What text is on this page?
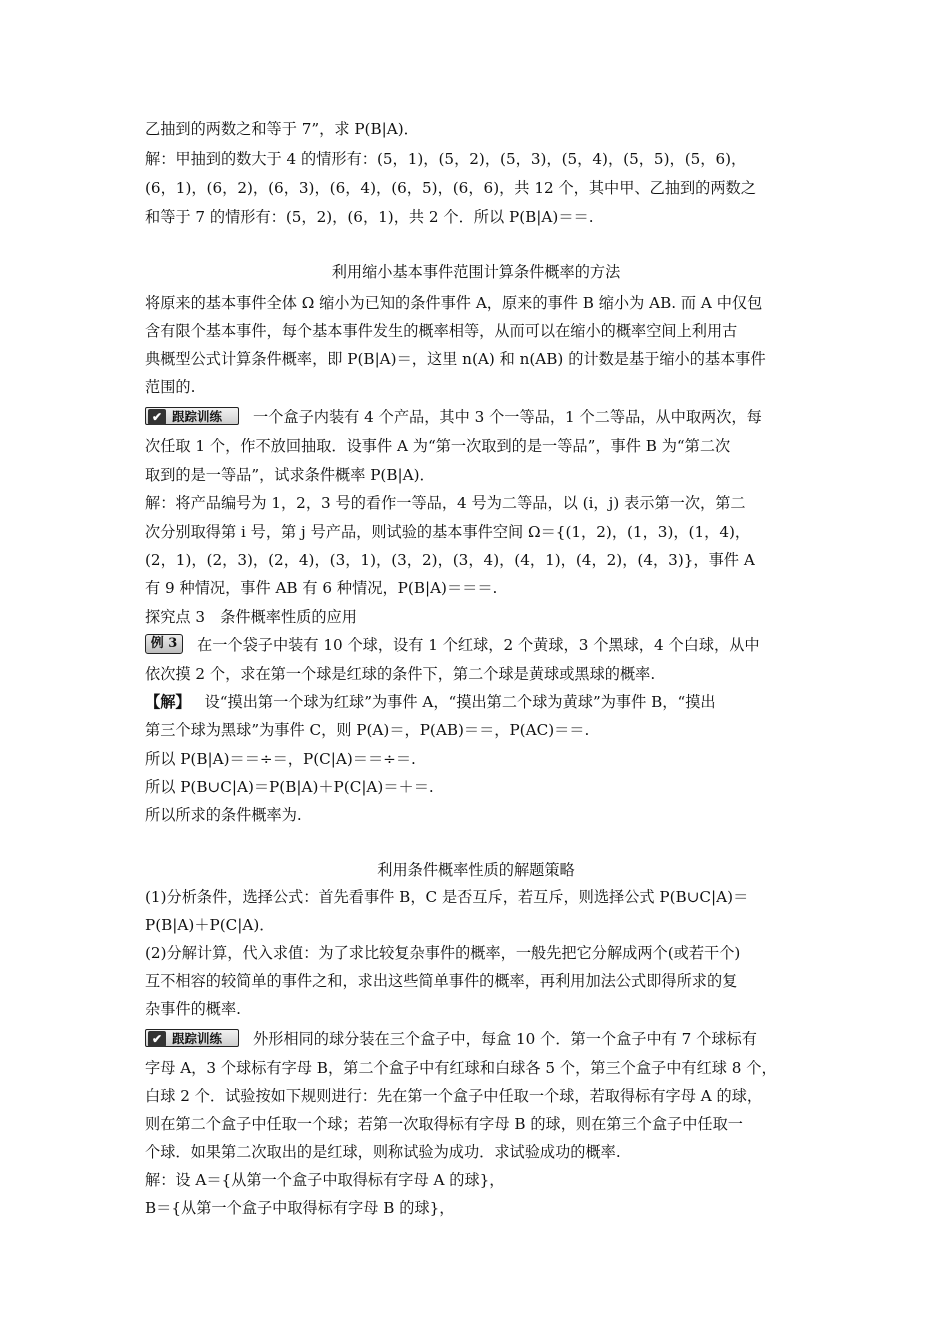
乙抽到的两数之和等于 7”，求 P(B|A)．
解：甲抽到的数大于 4 的情形有：(5，1)，(5，2)，(5，3)，(5，4)，(5，5)，(5，6)，
(6，1)，(6，2)，(6，3)，(6，4)，(6，5)，(6，6)，共 12 个，其中甲、乙抽到的两数之
和等于 7 的情形有：(5，2)，(6，1)，共 2 个．所以 P(B|A)＝＝.
利用缩小基本事件范围计算条件概率的方法
将原来的基本事件全体 Ω 缩小为已知的条件事件 A，原来的事件 B 缩小为 AB. 而 A 中仅包
含有限个基本事件，每个基本事件发生的概率相等，从而可以在缩小的概率空间上利用古
典概型公式计算条件概率，即 P(B|A)＝，这里 n(A) 和 n(AB) 的计数是基于缩小的基本事件
范围的.
✔ 跟踪训练 一个盒子内装有 4 个产品，其中 3 个一等品，1 个二等品，从中取两次，每
次任取 1 个，作不放回抽取．设事件 A 为“第一次取到的是一等品”，事件 B 为“第二次
取到的是一等品”，试求条件概率 P(B|A)．
解：将产品编号为 1，2，3 号的看作一等品，4 号为二等品，以 (i，j) 表示第一次，第二
次分别取得第 i 号，第 j 号产品，则试验的基本事件空间 Ω＝{(1，2)，(1，3)，(1，4)，
(2，1)，(2，3)，(2，4)，(3，1)，(3，2)，(3，4)，(4，1)，(4，2)，(4，3)}，事件 A
有 9 种情况，事件 AB 有 6 种情况，P(B|A)＝＝＝.
探究点 3　条件概率性质的应用
例 3 在一个袋子中装有 10 个球，设有 1 个红球，2 个黄球，3 个黑球，4 个白球，从中
依次摸 2 个，求在第一个球是红球的条件下，第二个球是黄球或黑球的概率.
【解】 设“摸出第一个球为红球”为事件 A，“摸出第二个球为黄球”为事件 B，“摸出
第三个球为黑球”为事件 C，则 P(A)＝，P(AB)＝＝，P(AC)＝＝.
所以 P(B|A)＝＝÷＝，P(C|A)＝＝÷＝.
所以 P(B∪C|A)＝P(B|A)＋P(C|A)＝＋＝.
所以所求的条件概率为.
利用条件概率性质的解题策略
(1)分析条件，选择公式：首先看事件 B，C 是否互斥，若互斥，则选择公式 P(B∪C|A)＝
P(B|A)＋P(C|A)．
(2)分解计算，代入求值：为了求比较复杂事件的概率，一般先把它分解成两个(或若干个)
互不相容的较简单的事件之和，求出这些简单事件的概率，再利用加法公式即得所求的复
杂事件的概率.
✔ 跟踪训练 外形相同的球分装在三个盒子中，每盒 10 个．第一个盒子中有 7 个球标有
字母 A，3 个球标有字母 B，第二个盒子中有红球和白球各 5 个，第三个盒子中有红球 8 个，
白球 2 个．试验按如下规则进行：先在第一个盒子中任取一个球，若取得标有字母 A 的球，
则在第二个盒子中任取一个球；若第一次取得标有字母 B 的球，则在第三个盒子中任取一
个球．如果第二次取出的是红球，则称试验为成功．求试验成功的概率.
解：设 A＝{从第一个盒子中取得标有字母 A 的球}，
B＝{从第一个盒子中取得标有字母 B 的球}，
